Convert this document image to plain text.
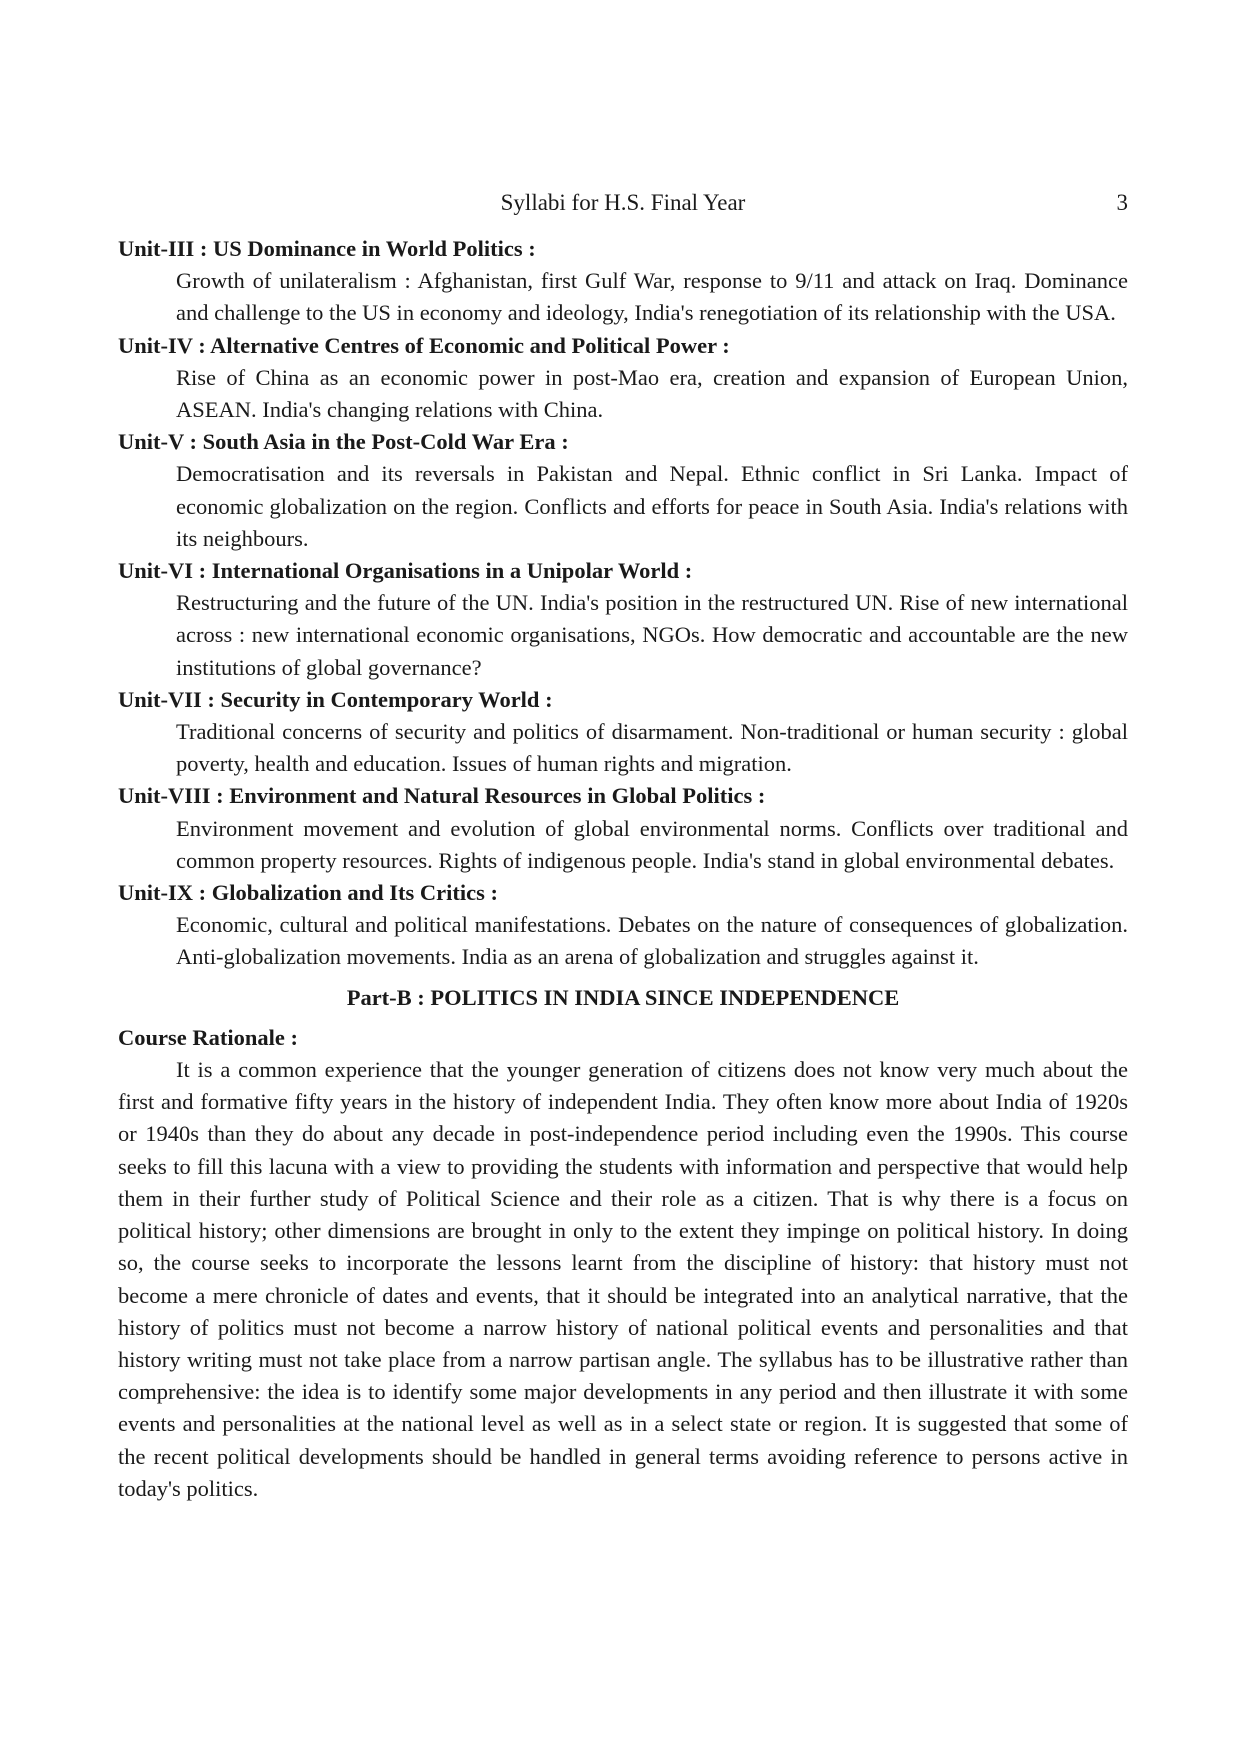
Syllabi for H.S. Final Year	3

Unit-III : US Dominance in World Politics :

Growth of unilateralism : Afghanistan, first Gulf War, response to 9/11 and attack on Iraq. Dominance and challenge to the US in economy and ideology, India's renegotiation of its relationship with the USA.

Unit-IV : Alternative Centres of Economic and Political Power :

Rise of China as an economic power in post-Mao era, creation and expansion of European Union, ASEAN. India's changing relations with China.

Unit-V : South Asia in the Post-Cold War Era :

Democratisation and its reversals in Pakistan and Nepal. Ethnic conflict in Sri Lanka. Impact of economic globalization on the region. Conflicts and efforts for peace in South Asia. India's relations with its neighbours.

Unit-VI : International Organisations in a Unipolar World :

Restructuring and the future of the UN. India's position in the restructured UN. Rise of new international across : new international economic organisations, NGOs. How democratic and accountable are the new institutions of global governance?

Unit-VII : Security in Contemporary World :

Traditional concerns of security and politics of disarmament. Non-traditional or human security : global poverty, health and education. Issues of human rights and migration.

Unit-VIII : Environment and Natural Resources in Global Politics :

Environment movement and evolution of global environmental norms. Conflicts over traditional and common property resources. Rights of indigenous people. India's stand in global environmental debates.

Unit-IX : Globalization and Its Critics :

Economic, cultural and political manifestations. Debates on the nature of consequences of globalization. Anti-globalization movements. India as an arena of globalization and struggles against it.

Part-B : POLITICS IN INDIA SINCE INDEPENDENCE

Course Rationale :

It is a common experience that the younger generation of citizens does not know very much about the first and formative fifty years in the history of independent India. They often know more about India of 1920s or 1940s than they do about any decade in post-independence period including even the 1990s. This course seeks to fill this lacuna with a view to providing the students with information and perspective that would help them in their further study of Political Science and their role as a citizen. That is why there is a focus on political history; other dimensions are brought in only to the extent they impinge on political history. In doing so, the course seeks to incorporate the lessons learnt from the discipline of history: that history must not become a mere chronicle of dates and events, that it should be integrated into an analytical narrative, that the history of politics must not become a narrow history of national political events and personalities and that history writing must not take place from a narrow partisan angle. The syllabus has to be illustrative rather than comprehensive: the idea is to identify some major developments in any period and then illustrate it with some events and personalities at the national level as well as in a select state or region. It is suggested that some of the recent political developments should be handled in general terms avoiding reference to persons active in today's politics.
